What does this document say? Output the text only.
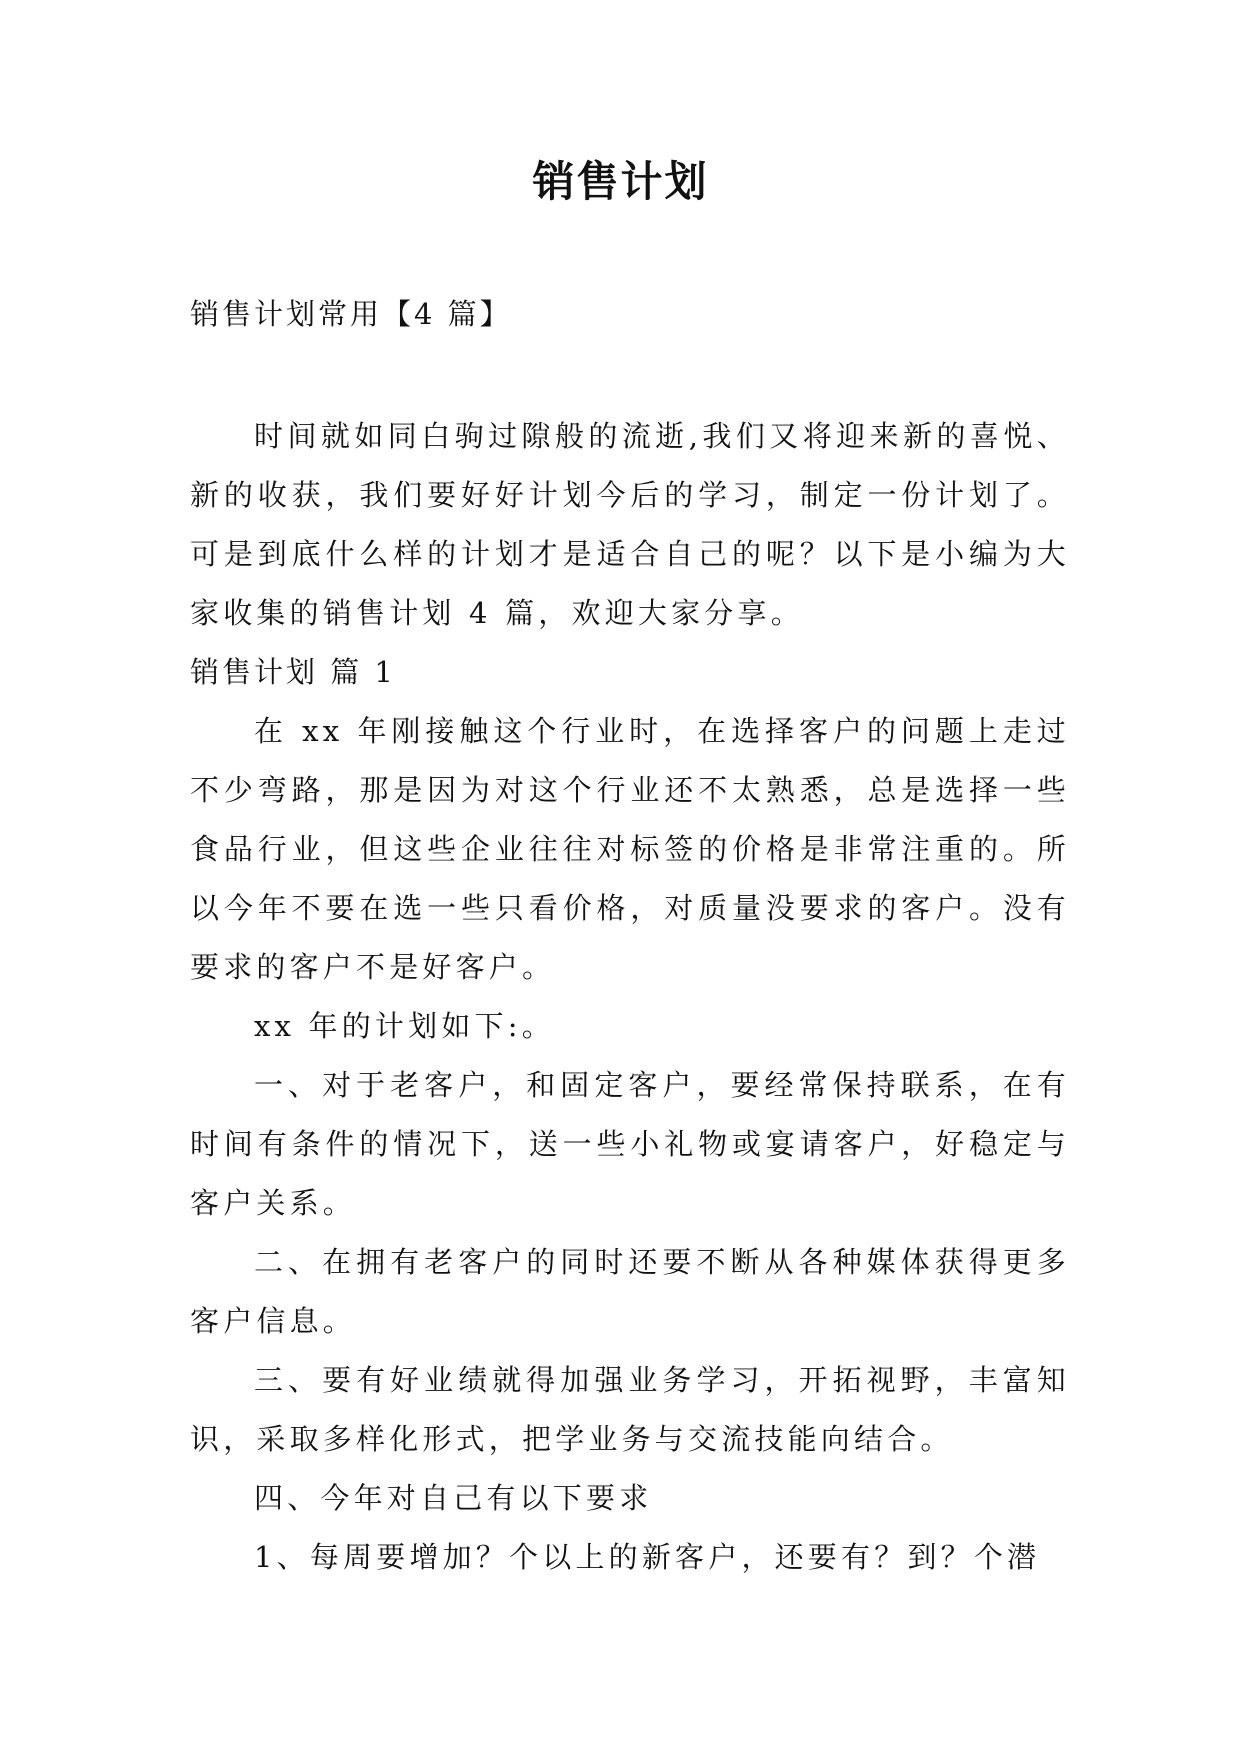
销售计划
销售计划常用【4 篇】

时间就如同白驹过隙般的流逝,我们又将迎来新的喜悦、新的收获，我们要好好计划今后的学习，制定一份计划了。可是到底什么样的计划才是适合自己的呢？以下是小编为大家收集的销售计划 4 篇，欢迎大家分享。

销售计划 篇 1

在 xx 年刚接触这个行业时，在选择客户的问题上走过不少弯路，那是因为对这个行业还不太熟悉，总是选择一些食品行业，但这些企业往往对标签的价格是非常注重的。所以今年不要在选一些只看价格，对质量没要求的客户。没有要求的客户不是好客户。

xx 年的计划如下:。

一、对于老客户，和固定客户，要经常保持联系，在有时间有条件的情况下，送一些小礼物或宴请客户，好稳定与客户关系。

二、在拥有老客户的同时还要不断从各种媒体获得更多客户信息。

三、要有好业绩就得加强业务学习，开拓视野，丰富知识，采取多样化形式，把学业务与交流技能向结合。

四、今年对自己有以下要求

1、每周要增加？个以上的新客户，还要有？到？个潜
